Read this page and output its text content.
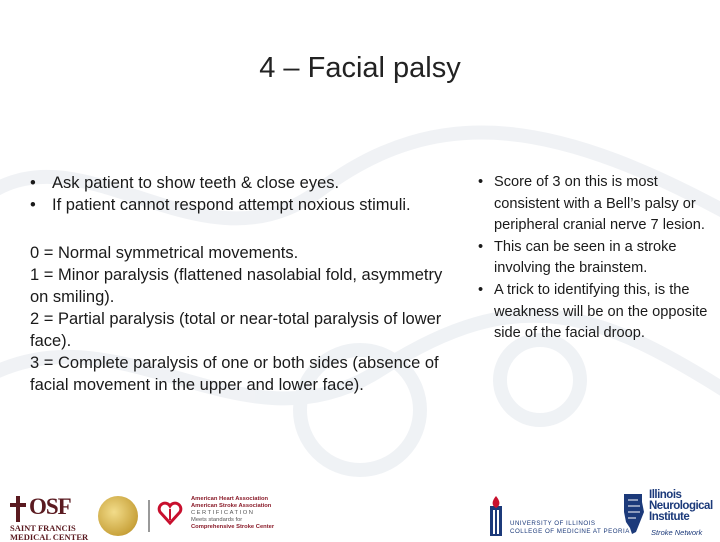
4 – Facial palsy
• Ask patient to show teeth & close eyes.
• If patient cannot respond attempt noxious stimuli.

0 = Normal symmetrical movements.

1 = Minor paralysis (flattened nasolabial fold, asymmetry on smiling).

2 = Partial paralysis (total or near-total paralysis of lower face).

3 = Complete paralysis of one or both sides (absence of facial movement in the upper and lower face).

• Score of 3 on this is most consistent with a Bell’s palsy or peripheral cranial nerve 7 lesion.
• This can be seen in a stroke involving the brainstem.
• A trick to identifying this, is the weakness will be on the opposite side of the facial droop.
OSF
SAINT FRANCIS
MEDICAL CENTER
American Heart Association
American Stroke Association
CERTIFICATION
Meets standards for
Comprehensive Stroke Center	UNIVERSITY OF ILLINOIS
COLLEGE OF MEDICINE AT PEORIA
Illinois
Neurological
Institute
Stroke Network
